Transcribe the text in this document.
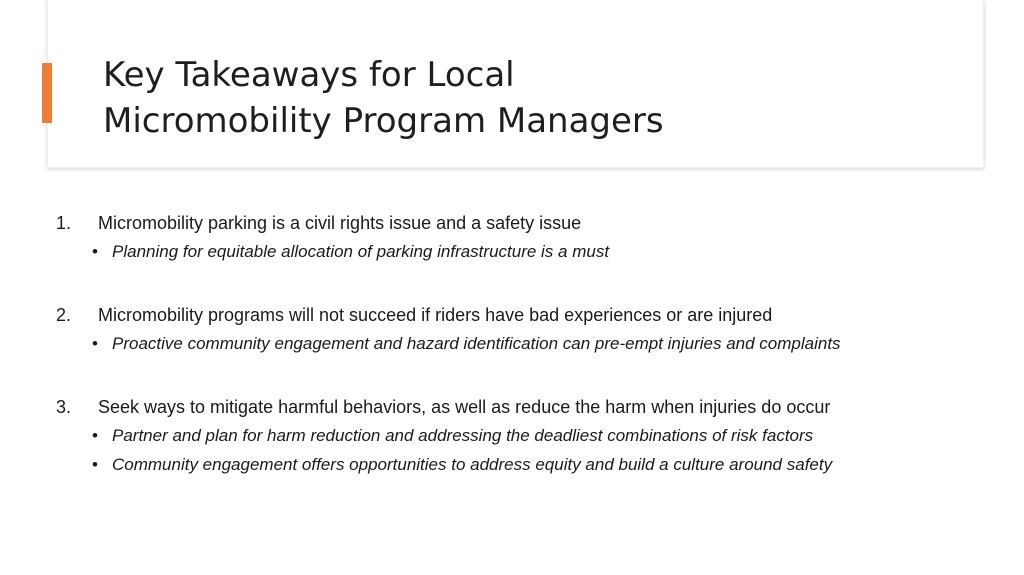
Key Takeaways for Local
Micromobility Program Managers
1. Micromobility parking is a civil rights issue and a safety issue
• Planning for equitable allocation of parking infrastructure is a must
2. Micromobility programs will not succeed if riders have bad experiences or are injured
• Proactive community engagement and hazard identification can pre-empt injuries and complaints
3. Seek ways to mitigate harmful behaviors, as well as reduce the harm when injuries do occur
• Partner and plan for harm reduction and addressing the deadliest combinations of risk factors
• Community engagement offers opportunities to address equity and build a culture around safety
